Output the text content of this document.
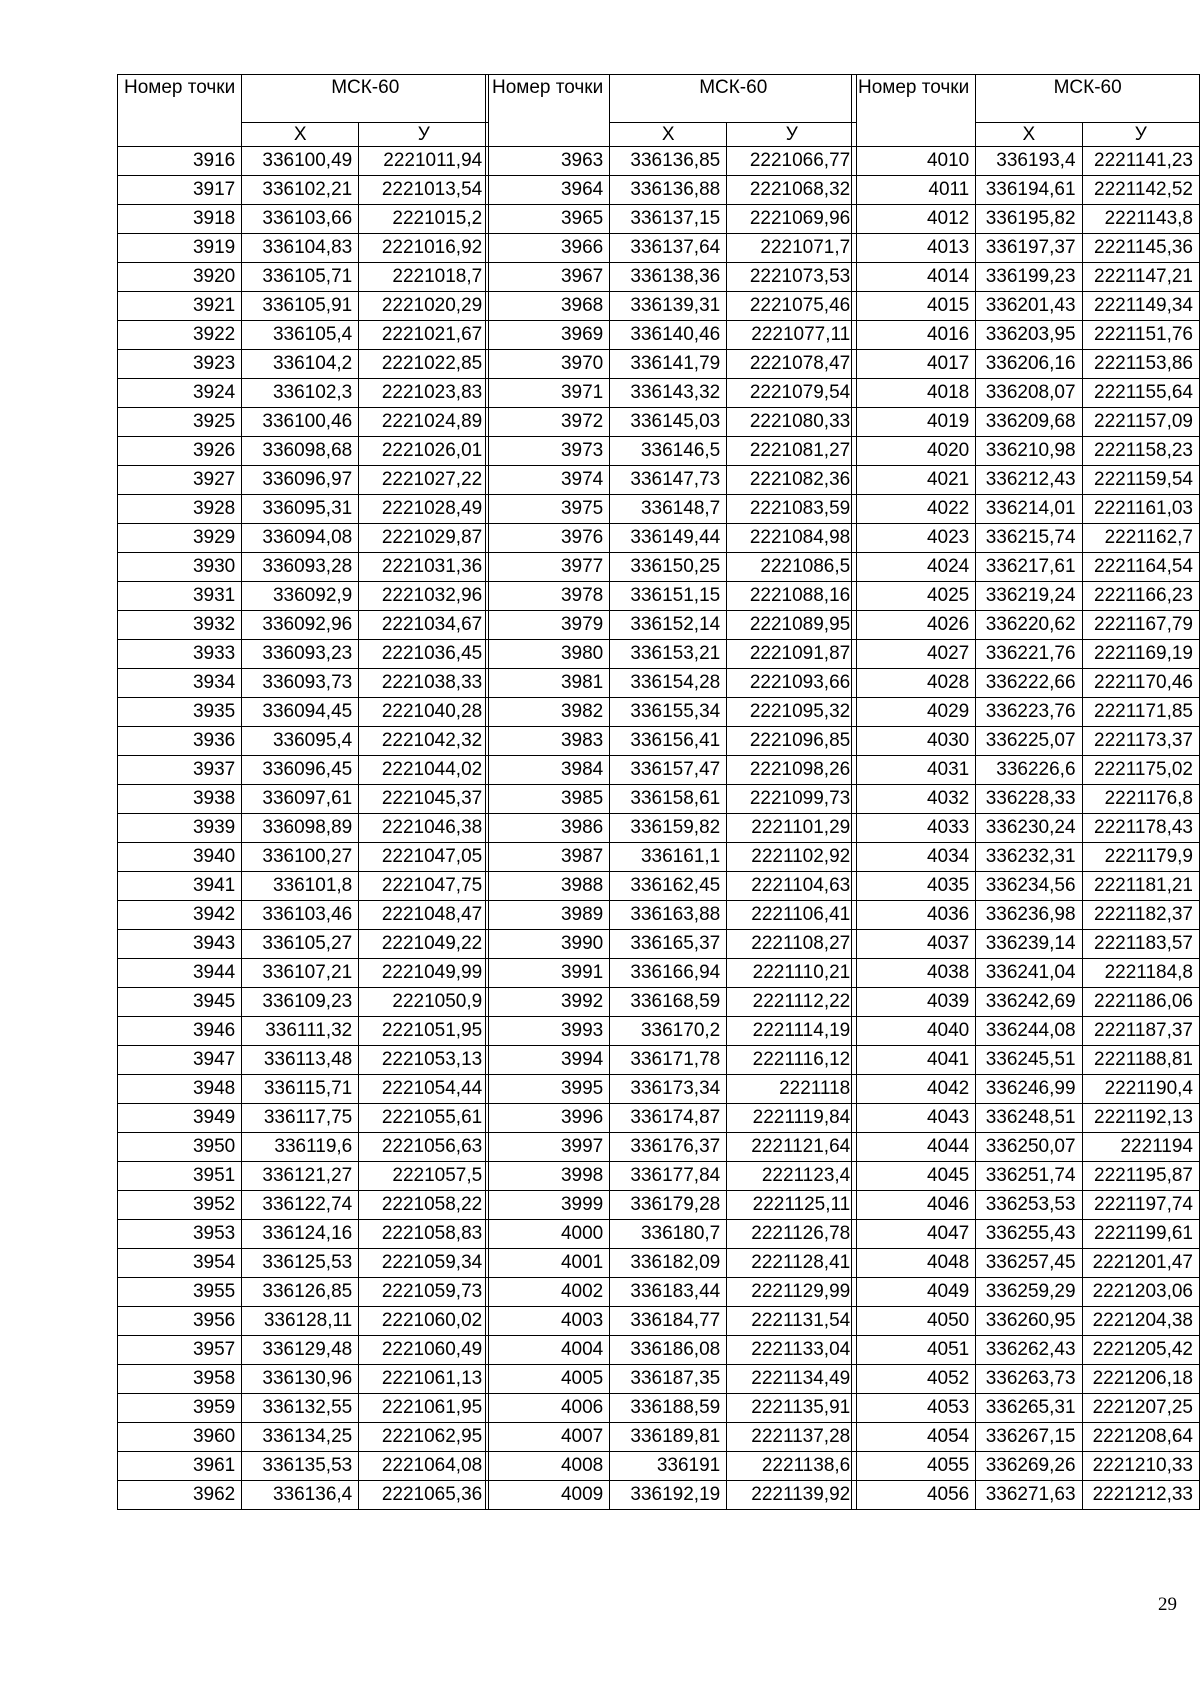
Номер точки	МСК-60	
	Х	У
3916	336100,49	2221011,94
3917	336102,21	2221013,54
3918	336103,66	2221015,2
3919	336104,83	2221016,92
3920	336105,71	2221018,7
3921	336105,91	2221020,29
3922	336105,4	2221021,67
3923	336104,2	2221022,85
3924	336102,3	2221023,83
3925	336100,46	2221024,89
3926	336098,68	2221026,01
3927	336096,97	2221027,22
3928	336095,31	2221028,49
3929	336094,08	2221029,87
3930	336093,28	2221031,36
3931	336092,9	2221032,96
3932	336092,96	2221034,67
3933	336093,23	2221036,45
3934	336093,73	2221038,33
3935	336094,45	2221040,28
3936	336095,4	2221042,32
3937	336096,45	2221044,02
3938	336097,61	2221045,37
3939	336098,89	2221046,38
3940	336100,27	2221047,05
3941	336101,8	2221047,75
3942	336103,46	2221048,47
3943	336105,27	2221049,22
3944	336107,21	2221049,99
3945	336109,23	2221050,9
3946	336111,32	2221051,95
3947	336113,48	2221053,13
3948	336115,71	2221054,44
3949	336117,75	2221055,61
3950	336119,6	2221056,63
3951	336121,27	2221057,5
3952	336122,74	2221058,22
3953	336124,16	2221058,83
3954	336125,53	2221059,34
3955	336126,85	2221059,73
3956	336128,11	2221060,02
3957	336129,48	2221060,49
3958	336130,96	2221061,13
3959	336132,55	2221061,95
3960	336134,25	2221062,95
3961	336135,53	2221064,08
3962	336136,4	2221065,36
Номер точки	МСК-60	
	Х	У
3963	336136,85	2221066,77
3964	336136,88	2221068,32
3965	336137,15	2221069,96
3966	336137,64	2221071,7
3967	336138,36	2221073,53
3968	336139,31	2221075,46
3969	336140,46	2221077,11
3970	336141,79	2221078,47
3971	336143,32	2221079,54
3972	336145,03	2221080,33
3973	336146,5	2221081,27
3974	336147,73	2221082,36
3975	336148,7	2221083,59
3976	336149,44	2221084,98
3977	336150,25	2221086,5
3978	336151,15	2221088,16
3979	336152,14	2221089,95
3980	336153,21	2221091,87
3981	336154,28	2221093,66
3982	336155,34	2221095,32
3983	336156,41	2221096,85
3984	336157,47	2221098,26
3985	336158,61	2221099,73
3986	336159,82	2221101,29
3987	336161,1	2221102,92
3988	336162,45	2221104,63
3989	336163,88	2221106,41
3990	336165,37	2221108,27
3991	336166,94	2221110,21
3992	336168,59	2221112,22
3993	336170,2	2221114,19
3994	336171,78	2221116,12
3995	336173,34	2221118
3996	336174,87	2221119,84
3997	336176,37	2221121,64
3998	336177,84	2221123,4
3999	336179,28	2221125,11
4000	336180,7	2221126,78
4001	336182,09	2221128,41
4002	336183,44	2221129,99
4003	336184,77	2221131,54
4004	336186,08	2221133,04
4005	336187,35	2221134,49
4006	336188,59	2221135,91
4007	336189,81	2221137,28
4008	336191	2221138,6
4009	336192,19	2221139,92
Номер точки	МСК-60	
	Х	У
4010	336193,4	2221141,23
4011	336194,61	2221142,52
4012	336195,82	2221143,8
4013	336197,37	2221145,36
4014	336199,23	2221147,21
4015	336201,43	2221149,34
4016	336203,95	2221151,76
4017	336206,16	2221153,86
4018	336208,07	2221155,64
4019	336209,68	2221157,09
4020	336210,98	2221158,23
4021	336212,43	2221159,54
4022	336214,01	2221161,03
4023	336215,74	2221162,7
4024	336217,61	2221164,54
4025	336219,24	2221166,23
4026	336220,62	2221167,79
4027	336221,76	2221169,19
4028	336222,66	2221170,46
4029	336223,76	2221171,85
4030	336225,07	2221173,37
4031	336226,6	2221175,02
4032	336228,33	2221176,8
4033	336230,24	2221178,43
4034	336232,31	2221179,9
4035	336234,56	2221181,21
4036	336236,98	2221182,37
4037	336239,14	2221183,57
4038	336241,04	2221184,8
4039	336242,69	2221186,06
4040	336244,08	2221187,37
4041	336245,51	2221188,81
4042	336246,99	2221190,4
4043	336248,51	2221192,13
4044	336250,07	2221194
4045	336251,74	2221195,87
4046	336253,53	2221197,74
4047	336255,43	2221199,61
4048	336257,45	2221201,47
4049	336259,29	2221203,06
4050	336260,95	2221204,38
4051	336262,43	2221205,42
4052	336263,73	2221206,18
4053	336265,31	2221207,25
4054	336267,15	2221208,64
4055	336269,26	2221210,33
4056	336271,63	2221212,33
29
